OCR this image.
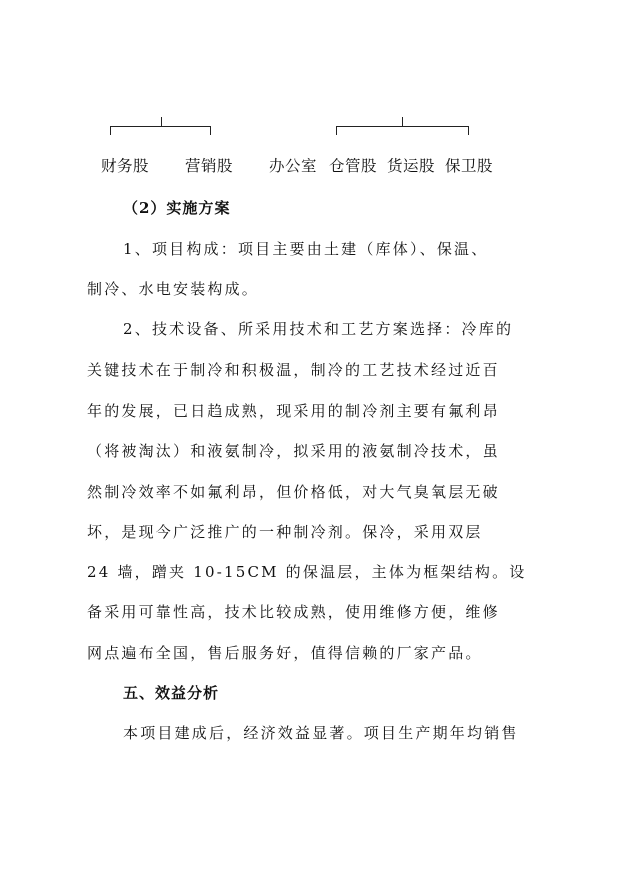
财务股 营销股 办公室 仓管股 货运股 保卫股
（2）实施方案
1、项目构成：项目主要由土建（库体）、保温、
制冷、水电安装构成。
2、技术设备、所采用技术和工艺方案选择：冷库的
关键技术在于制冷和积极温，制冷的工艺技术经过近百
年的发展，已日趋成熟，现采用的制冷剂主要有氟利昂
（将被淘汰）和液氨制冷，拟采用的液氨制冷技术，虽
然制冷效率不如氟利昂，但价格低，对大气臭氧层无破
坏，是现今广泛推广的一种制冷剂。保冷，采用双层
24 墙，蹭夹 10-15CM 的保温层，主体为框架结构。设
备采用可靠性高，技术比较成熟，使用维修方便，维修
网点遍布全国，售后服务好，值得信赖的厂家产品。
五、效益分析
本项目建成后，经济效益显著。项目生产期年均销售
